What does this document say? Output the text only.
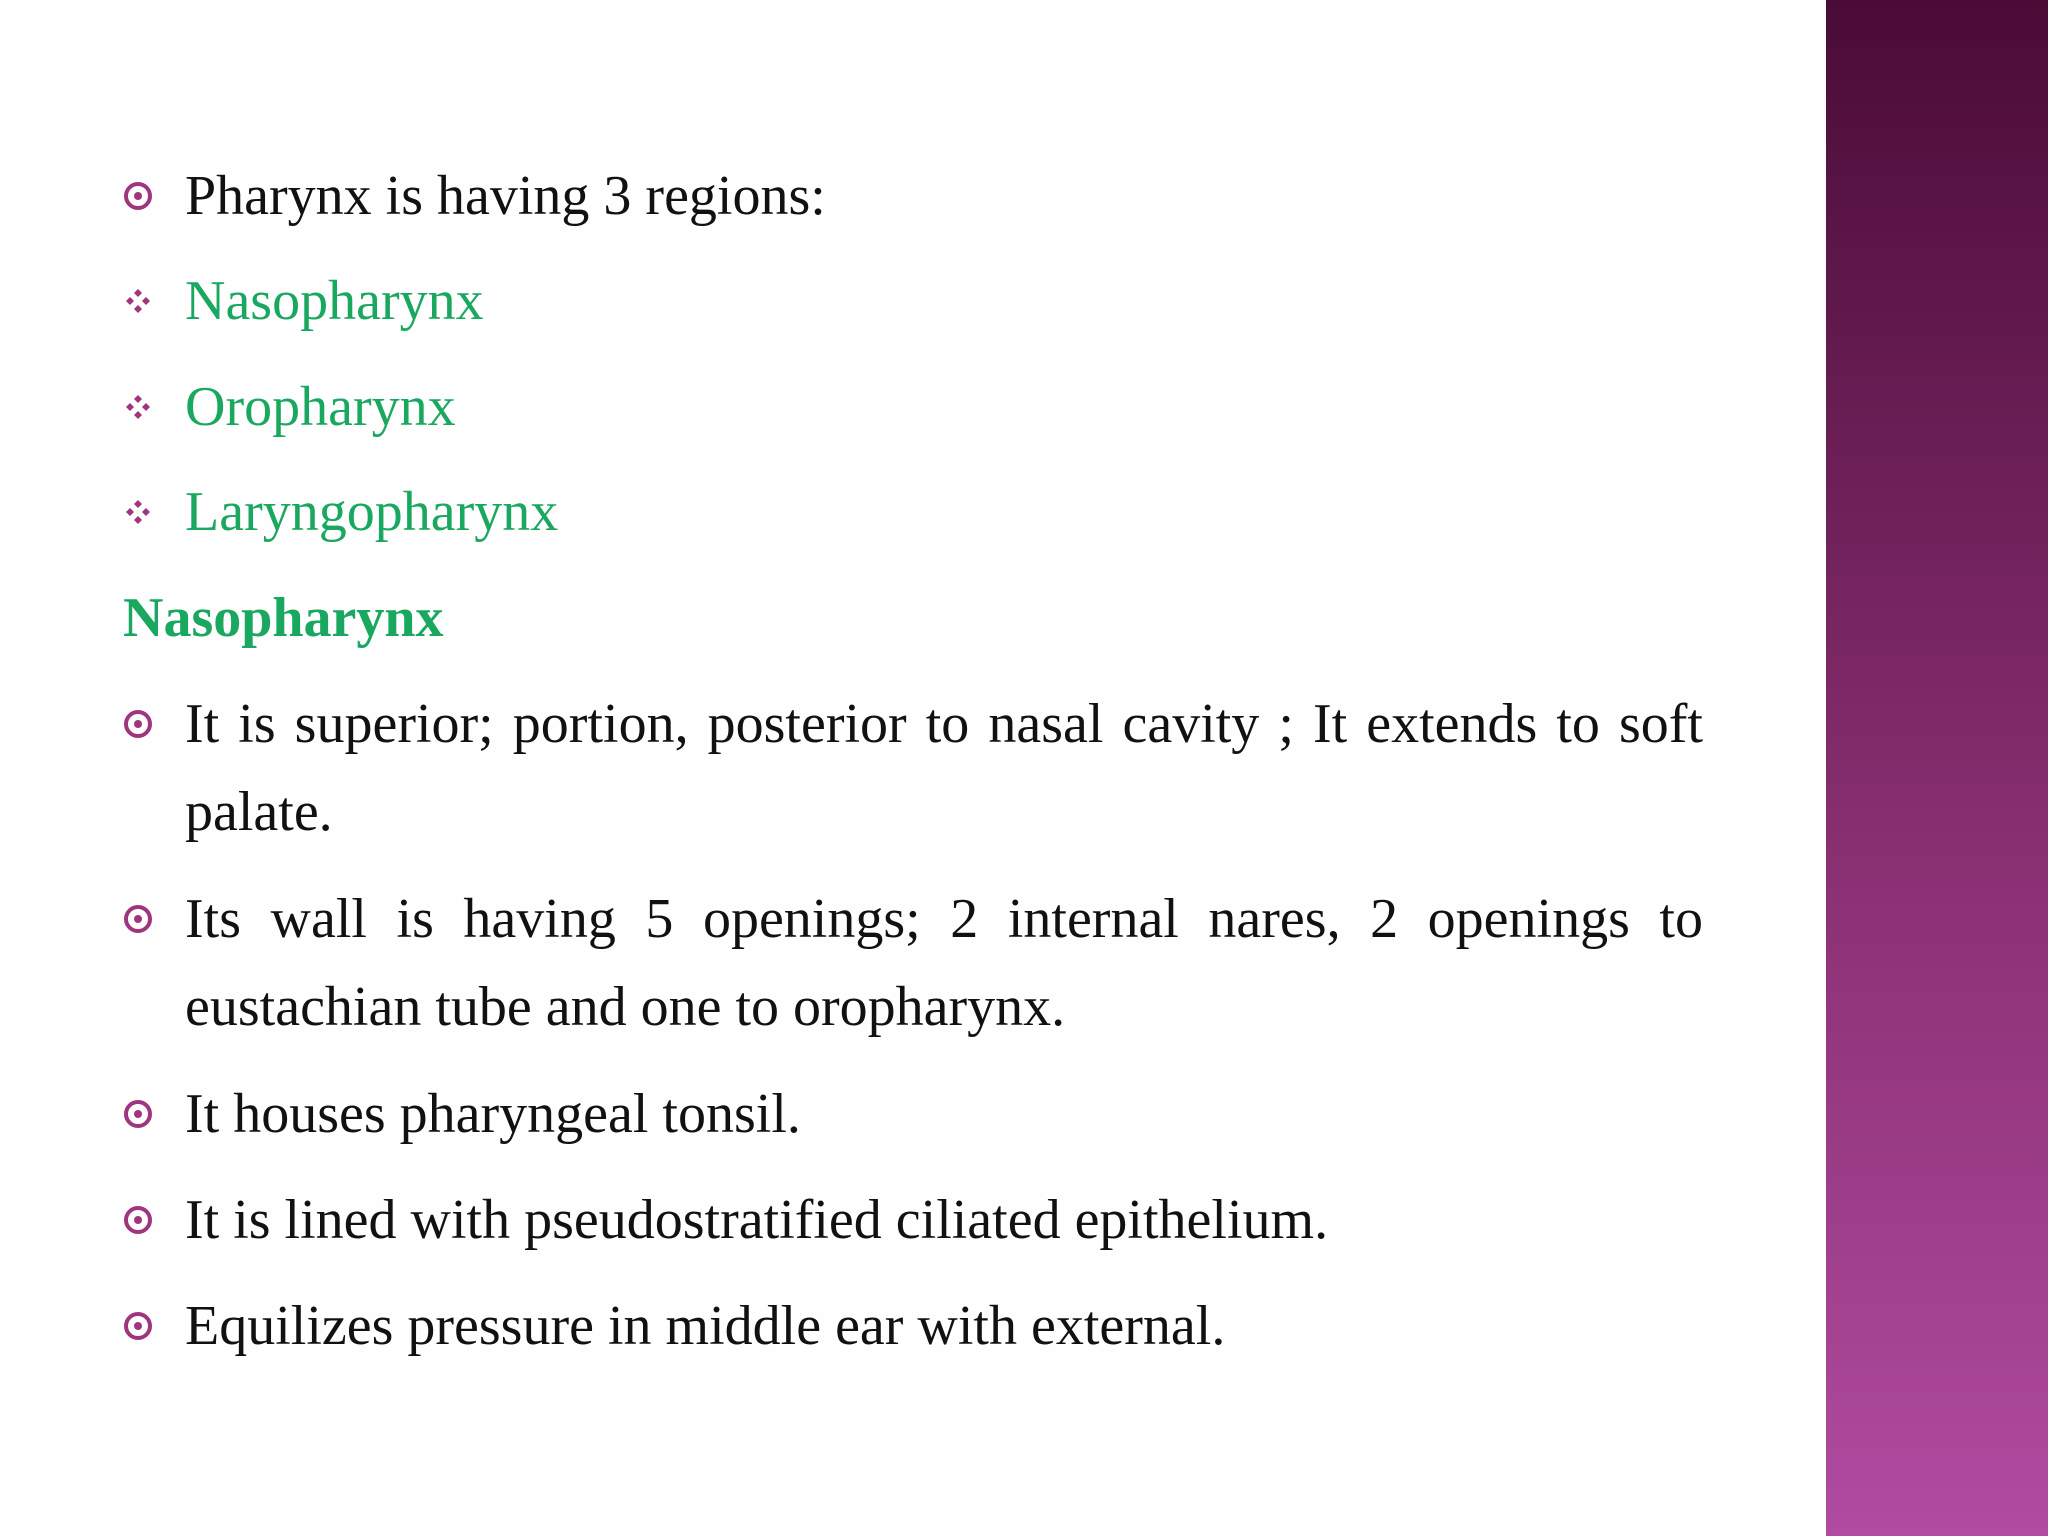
Pharynx is having 3 regions:
Nasopharynx
Oropharynx
Laryngopharynx
Nasopharynx
It is superior; portion, posterior to nasal cavity ; It extends to soft palate.
Its wall is having 5 openings; 2 internal nares, 2 openings to eustachian tube and one to oropharynx.
It houses pharyngeal tonsil.
It is lined with pseudostratified ciliated epithelium.
Equilizes pressure in middle ear with external.
